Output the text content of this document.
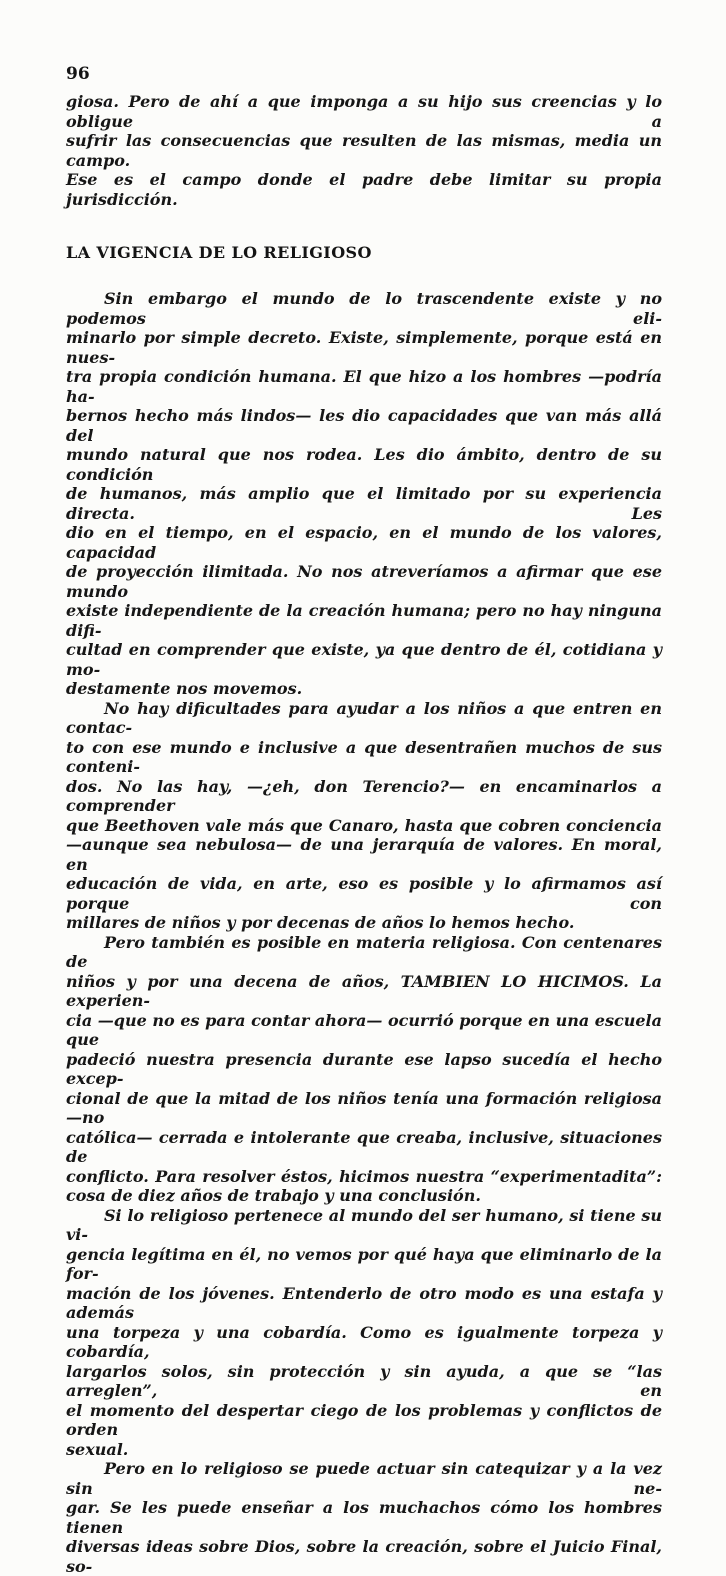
96

giosa. Pero de ahí a que imponga a su hijo sus creencias y lo obligue a
sufrir las consecuencias que resulten de las mismas, media un campo.
Ese es el campo donde el padre debe limitar su propia jurisdicción.

LA VIGENCIA DE LO RELIGIOSO

Sin embargo el mundo de lo trascendente existe y no podemos eli-
minarlo por simple decreto. Existe, simplemente, porque está en nues-
tra propia condición humana. El que hizo a los hombres —podría ha-
bernos hecho más lindos— les dio capacidades que van más allá del
mundo natural que nos rodea. Les dio ámbito, dentro de su condición
de humanos, más amplio que el limitado por su experiencia directa. Les
dio en el tiempo, en el espacio, en el mundo de los valores, capacidad
de proyección ilimitada. No nos atreveríamos a afirmar que ese mundo
existe independiente de la creación humana; pero no hay ninguna difi-
cultad en comprender que existe, ya que dentro de él, cotidiana y mo-
destamente nos movemos.

No hay dificultades para ayudar a los niños a que entren en contac-
to con ese mundo e inclusive a que desentrañen muchos de sus conteni-
dos. No las hay, —¿eh, don Terencio?— en encaminarlos a comprender
que Beethoven vale más que Canaro, hasta que cobren conciencia
—aunque sea nebulosa— de una jerarquía de valores. En moral, en
educación de vida, en arte, eso es posible y lo afirmamos así porque con
millares de niños y por decenas de años lo hemos hecho.

Pero también es posible en materia religiosa. Con centenares de
niños y por una decena de años, TAMBIEN LO HICIMOS. La experien-
cia —que no es para contar ahora— ocurrió porque en una escuela que
padeció nuestra presencia durante ese lapso sucedía el hecho excep-
cional de que la mitad de los niños tenía una formación religiosa —no
católica— cerrada e intolerante que creaba, inclusive, situaciones de
conflicto. Para resolver éstos, hicimos nuestra “experimentadita”:
cosa de diez años de trabajo y una conclusión.

Si lo religioso pertenece al mundo del ser humano, si tiene su vi-
gencia legítima en él, no vemos por qué haya que eliminarlo de la for-
mación de los jóvenes. Entenderlo de otro modo es una estafa y además
una torpeza y una cobardía. Como es igualmente torpeza y cobardía,
largarlos solos, sin protección y sin ayuda, a que se “las arreglen”, en
el momento del despertar ciego de los problemas y conflictos de orden
sexual.

Pero en lo religioso se puede actuar sin catequizar y a la vez sin ne-
gar. Se les puede enseñar a los muchachos cómo los hombres tienen
diversas ideas sobre Dios, sobre la creación, sobre el Juicio Final, so-
